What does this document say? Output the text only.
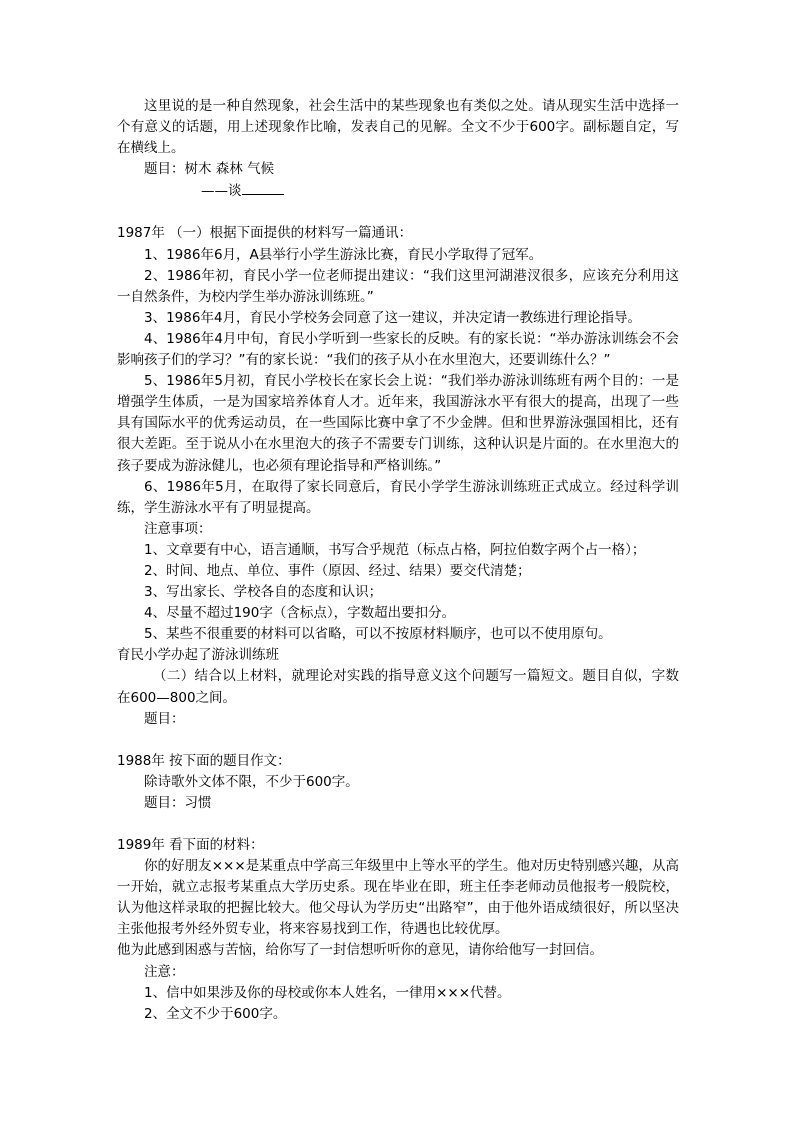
这里说的是一种自然现象，社会生活中的某些现象也有类似之处。请从现实生活中选择一个有意义的话题，用上述现象作比喻，发表自己的见解。全文不少于600字。副标题自定，写在横线上。

题目：树木 森林 气候

——谈

1987年 （一）根据下面提供的材料写一篇通讯：

1、1986年6月，A县举行小学生游泳比赛，育民小学取得了冠军。

2、1986年初，育民小学一位老师提出建议：“我们这里河湖港汊很多，应该充分利用这一自然条件，为校内学生举办游泳训练班。”

3、1986年4月，育民小学校务会同意了这一建议，并决定请一教练进行理论指导。

4、1986年4月中旬，育民小学听到一些家长的反映。有的家长说：“举办游泳训练会不会影响孩子们的学习？”有的家长说：“我们的孩子从小在水里泡大，还要训练什么？”

5、1986年5月初，育民小学校长在家长会上说：“我们举办游泳训练班有两个目的：一是增强学生体质，一是为国家培养体育人才。近年来，我国游泳水平有很大的提高，出现了一些具有国际水平的优秀运动员，在一些国际比赛中拿了不少金牌。但和世界游泳强国相比，还有很大差距。至于说从小在水里泡大的孩子不需要专门训练，这种认识是片面的。在水里泡大的孩子要成为游泳健儿，也必须有理论指导和严格训练。”

6、1986年5月，在取得了家长同意后，育民小学学生游泳训练班正式成立。经过科学训练，学生游泳水平有了明显提高。

注意事项：

1、文章要有中心，语言通顺，书写合乎规范（标点占格，阿拉伯数字两个占一格）；

2、时间、地点、单位、事件（原因、经过、结果）要交代清楚；

3、写出家长、学校各自的态度和认识；

4、尽量不超过190字（含标点），字数超出要扣分。

5、某些不很重要的材料可以省略，可以不按原材料顺序，也可以不使用原句。

育民小学办起了游泳训练班

（二）结合以上材料，就理论对实践的指导意义这个问题写一篇短文。题目自似，字数在600—800之间。

题目：

1988年 按下面的题目作文：

除诗歌外文体不限，不少于600字。

题目：习惯

1989年 看下面的材料：

你的好朋友×××是某重点中学高三年级里中上等水平的学生。他对历史特别感兴趣，从高一开始，就立志报考某重点大学历史系。现在毕业在即，班主任李老师动员他报考一般院校，认为他这样录取的把握比较大。他父母认为学历史“出路窄”，由于他外语成绩很好，所以坚决主张他报考外经外贸专业，将来容易找到工作，待遇也比较优厚。

他为此感到困惑与苦恼，给你写了一封信想听听你的意见，请你给他写一封回信。

注意：

1、信中如果涉及你的母校或你本人姓名，一律用×××代替。

2、全文不少于600字。
